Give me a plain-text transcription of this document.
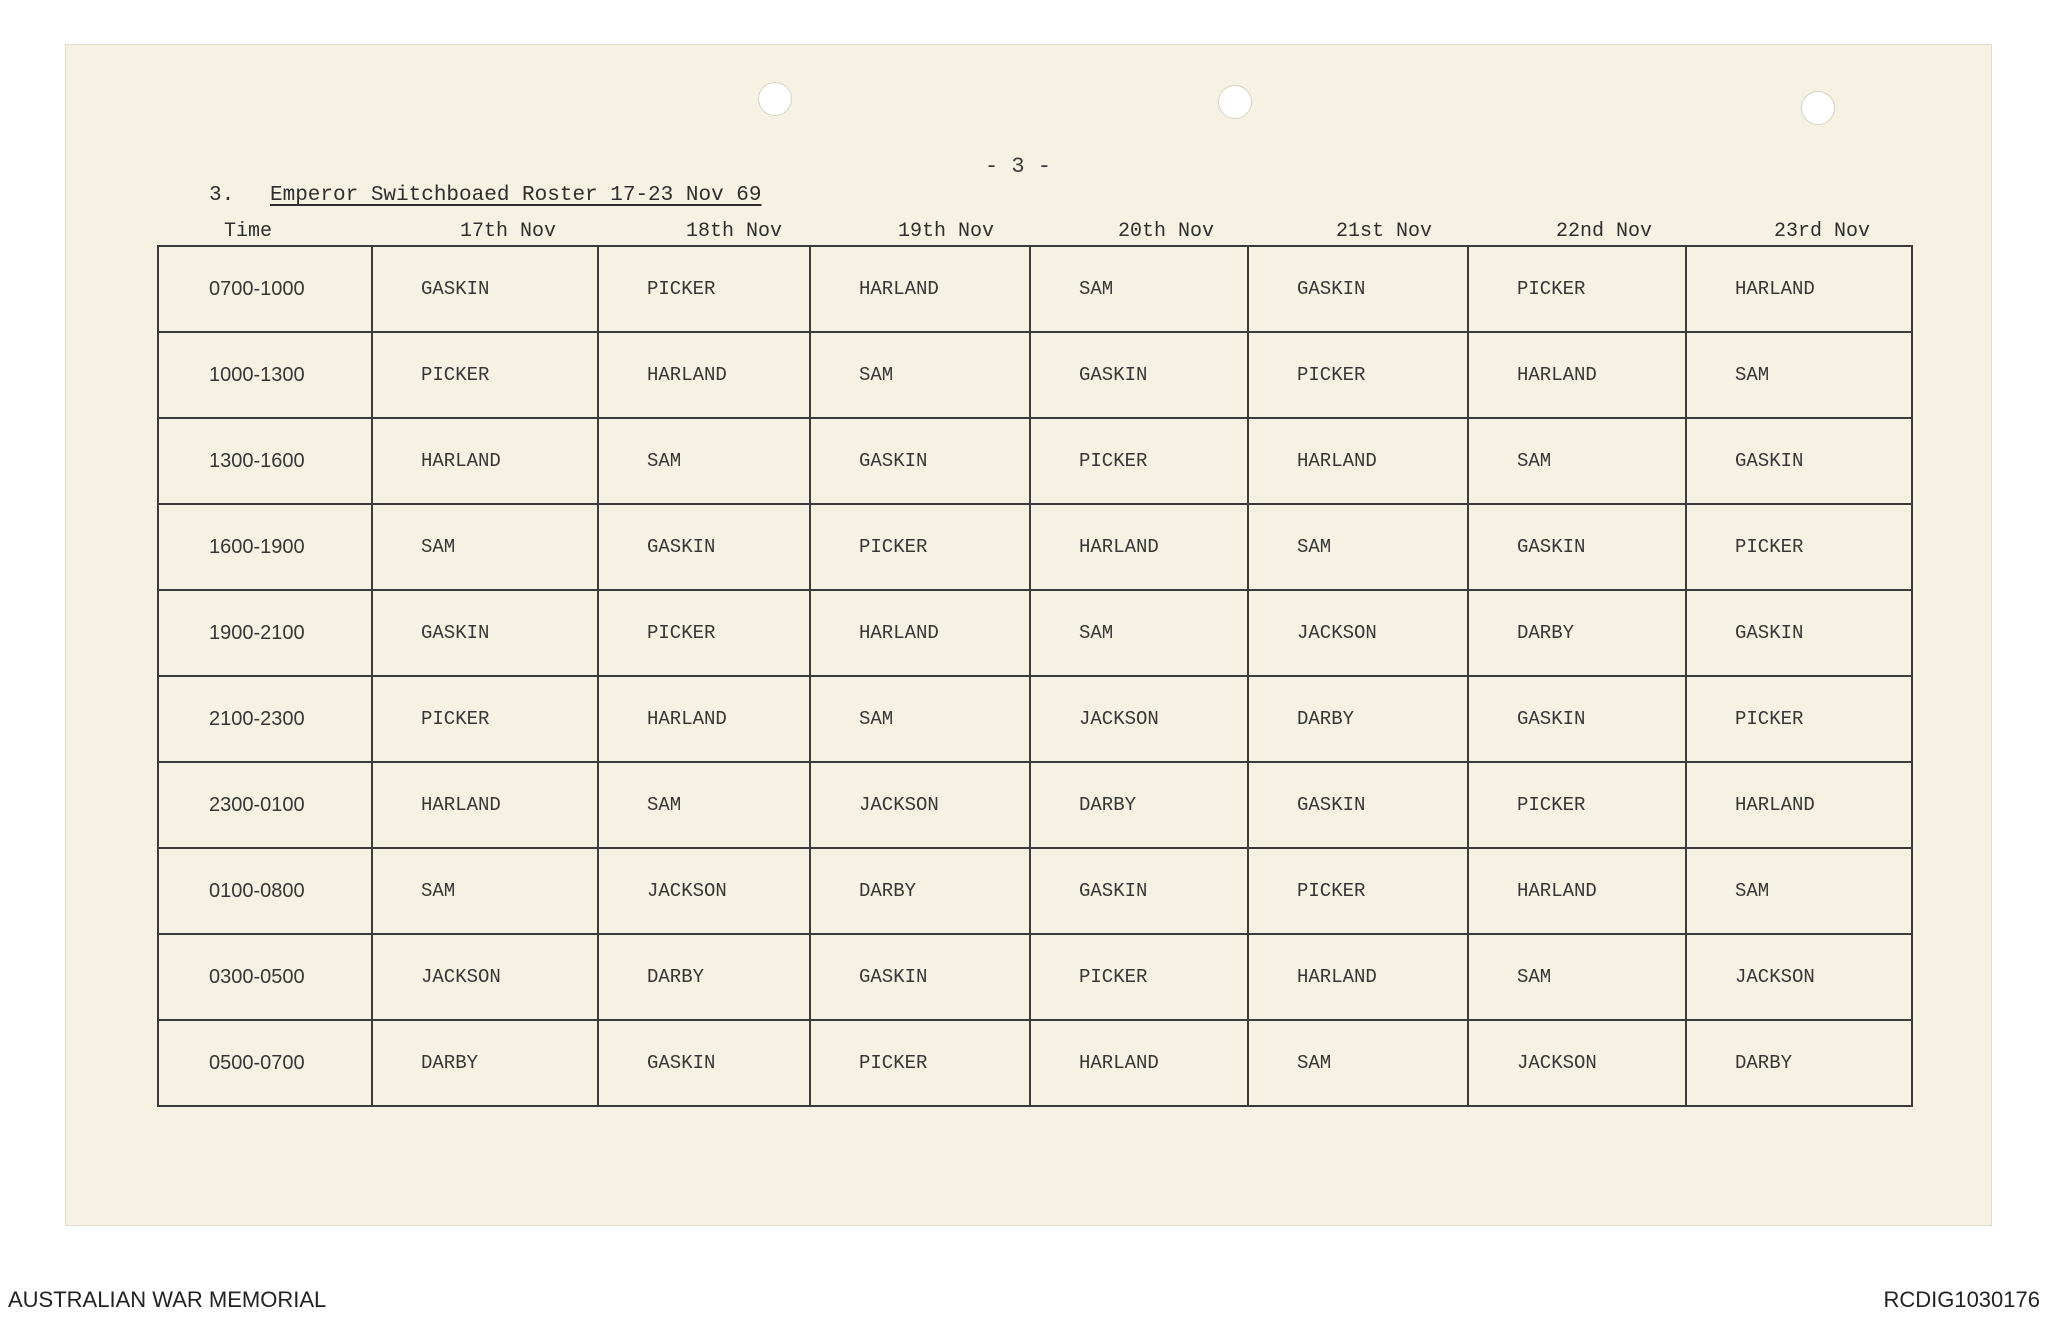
- 3 -
3. Emperor Switchboaed Roster 17-23 Nov 69
Time	17th Nov	18th Nov	19th Nov	20th Nov	21st Nov	22nd Nov	23rd Nov
0700-1000	GASKIN	PICKER	HARLAND	SAM	GASKIN	PICKER	HARLAND
1000-1300	PICKER	HARLAND	SAM	GASKIN	PICKER	HARLAND	SAM
1300-1600	HARLAND	SAM	GASKIN	PICKER	HARLAND	SAM	GASKIN
1600-1900	SAM	GASKIN	PICKER	HARLAND	SAM	GASKIN	PICKER
1900-2100	GASKIN	PICKER	HARLAND	SAM	JACKSON	DARBY	GASKIN
2100-2300	PICKER	HARLAND	SAM	JACKSON	DARBY	GASKIN	PICKER
2300-0100	HARLAND	SAM	JACKSON	DARBY	GASKIN	PICKER	HARLAND
0100-0800	SAM	JACKSON	DARBY	GASKIN	PICKER	HARLAND	SAM
0300-0500	JACKSON	DARBY	GASKIN	PICKER	HARLAND	SAM	JACKSON
0500-0700	DARBY	GASKIN	PICKER	HARLAND	SAM	JACKSON	DARBY
AUSTRALIAN WAR MEMORIAL	RCDIG1030176
